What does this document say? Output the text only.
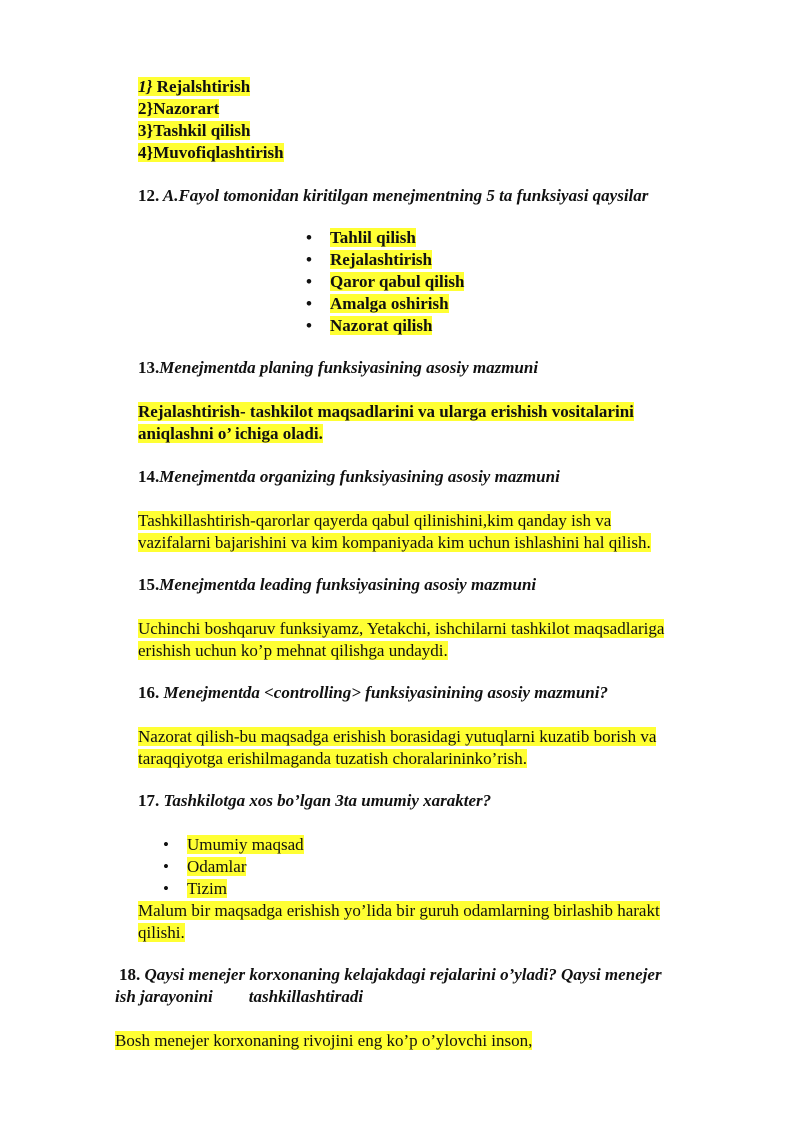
1} Rejalshtirish
2}Nazorart
3}Tashkil qilish
4}Muvofiqlashtirish
12. A.Fayol tomonidan kiritilgan menejmentning 5 ta funksiyasi qaysilar
• Tahlil qilish
• Rejalashtirish
• Qaror qabul qilish
• Amalga oshirish
• Nazorat qilish
13.Menejmentda planing funksiyasining asosiy mazmuni
Rejalashtirish- tashkilot maqsadlarini va ularga erishish vositalarini
aniqlashni o’ ichiga oladi.
14.Menejmentda organizing funksiyasining asosiy mazmuni
Tashkillashtirish-qarorlar qayerda qabul qilinishini,kim qanday ish va
vazifalarni bajarishini va kim kompaniyada kim uchun ishlashini hal qilish.
15.Menejmentda leading funksiyasining asosiy mazmuni
Uchinchi boshqaruv funksiyamz, Yetakchi, ishchilarni tashkilot maqsadlariga
erishish uchun ko’p mehnat qilishga undaydi.
16. Menejmentda <controlling> funksiyasinining asosiy mazmuni?
Nazorat qilish-bu maqsadga erishish borasidagi yutuqlarni kuzatib borish va
taraqqiyotga erishilmaganda tuzatish choralarininko’rish.
17. Tashkilotga xos bo’lgan 3ta umumiy xarakter?
• Umumiy maqsad
• Odamlar
• Tizim
Malum bir maqsadga erishish yo’lida bir guruh odamlarning birlashib harakt
qilishi.
18. Qaysi menejer korxonaning kelajakdagi rejalarini o’yladi? Qaysi menejer
ish jarayonini tashkillashtiradi
Bosh menejer korxonaning rivojini eng ko’p o’ylovchi inson,
